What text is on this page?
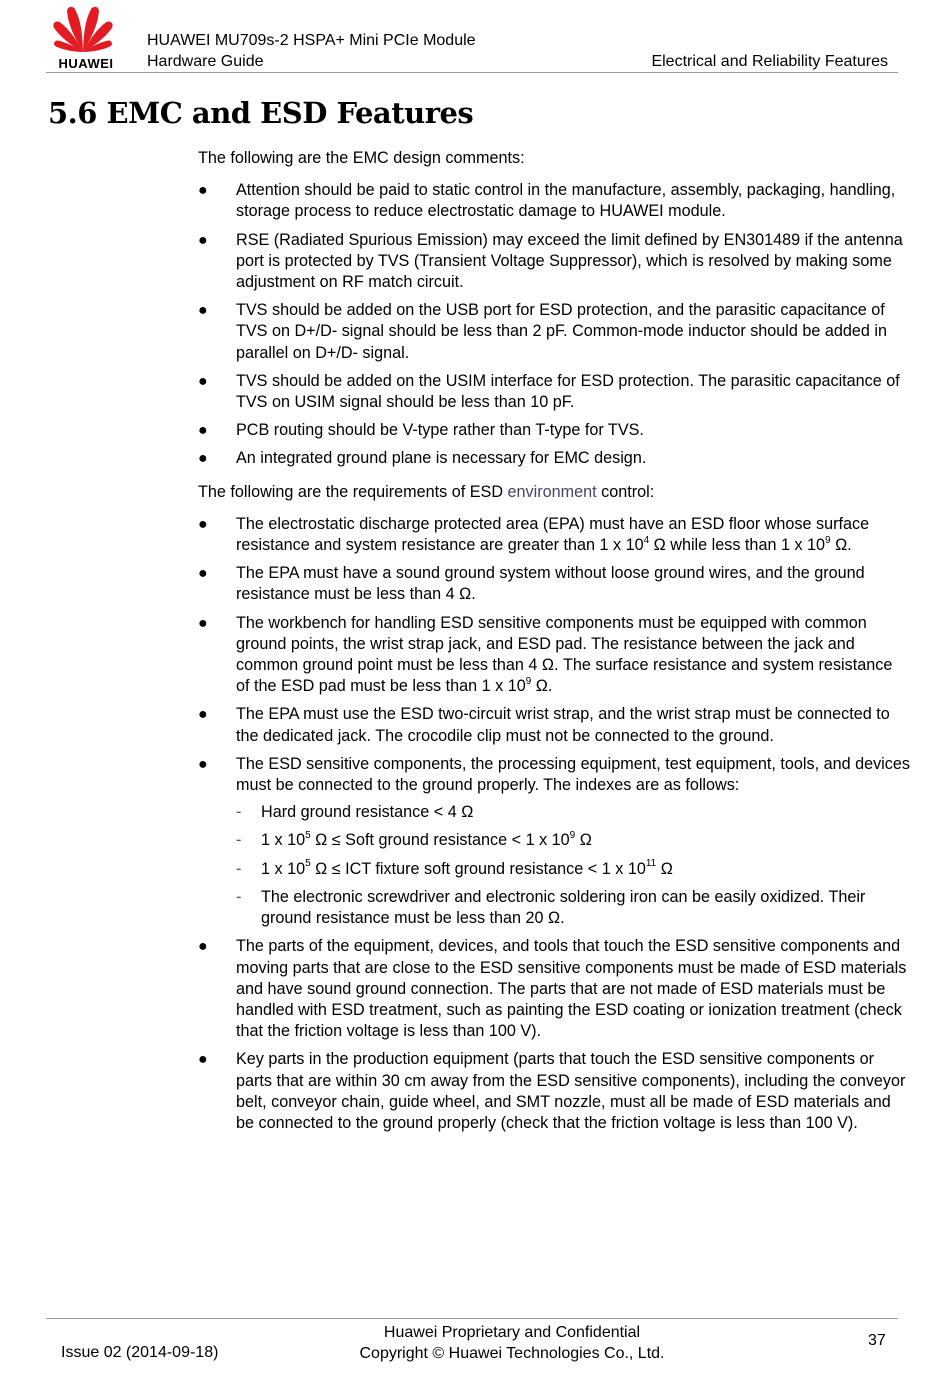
HUAWEI
HUAWEI MU709s-2 HSPA+ Mini PCIe Module
Hardware Guide	Electrical and Reliability Features
5.6 EMC and ESD Features

The following are the EMC design comments:

● Attention should be paid to static control in the manufacture, assembly, packaging, handling, storage process to reduce electrostatic damage to HUAWEI module.
● RSE (Radiated Spurious Emission) may exceed the limit defined by EN301489 if the antenna port is protected by TVS (Transient Voltage Suppressor), which is resolved by making some adjustment on RF match circuit.
● TVS should be added on the USB port for ESD protection, and the parasitic capacitance of TVS on D+/D- signal should be less than 2 pF. Common-mode inductor should be added in parallel on D+/D- signal.
● TVS should be added on the USIM interface for ESD protection. The parasitic capacitance of TVS on USIM signal should be less than 10 pF.
● PCB routing should be V-type rather than T-type for TVS.
● An integrated ground plane is necessary for EMC design.

The following are the requirements of ESD environment control:

● The electrostatic discharge protected area (EPA) must have an ESD floor whose surface resistance and system resistance are greater than 1 x $10^4$ Ω while less than 1 x $10^9$ Ω.
● The EPA must have a sound ground system without loose ground wires, and the ground resistance must be less than 4 Ω.
● The workbench for handling ESD sensitive components must be equipped with common ground points, the wrist strap jack, and ESD pad. The resistance between the jack and common ground point must be less than 4 Ω. The surface resistance and system resistance of the ESD pad must be less than 1 x $10^9$ Ω.
● The EPA must use the ESD two-circuit wrist strap, and the wrist strap must be connected to the dedicated jack. The crocodile clip must not be connected to the ground.
● The ESD sensitive components, the processing equipment, test equipment, tools, and devices must be connected to the ground properly. The indexes are as follows:
- Hard ground resistance < 4 Ω
- 1 x $10^5$ Ω ≤ Soft ground resistance < 1 x $10^9$ Ω
- 1 x $10^5$ Ω ≤ ICT fixture soft ground resistance < 1 x $10^{11}$ Ω
- The electronic screwdriver and electronic soldering iron can be easily oxidized. Their ground resistance must be less than 20 Ω.
● The parts of the equipment, devices, and tools that touch the ESD sensitive components and moving parts that are close to the ESD sensitive components must be made of ESD materials and have sound ground connection. The parts that are not made of ESD materials must be handled with ESD treatment, such as painting the ESD coating or ionization treatment (check that the friction voltage is less than 100 V).
● Key parts in the production equipment (parts that touch the ESD sensitive components or parts that are within 30 cm away from the ESD sensitive components), including the conveyor belt, conveyor chain, guide wheel, and SMT nozzle, must all be made of ESD materials and be connected to the ground properly (check that the friction voltage is less than 100 V).
Issue 02 (2014-09-18)
Huawei Proprietary and Confidential
Copyright © Huawei Technologies Co., Ltd.
37
